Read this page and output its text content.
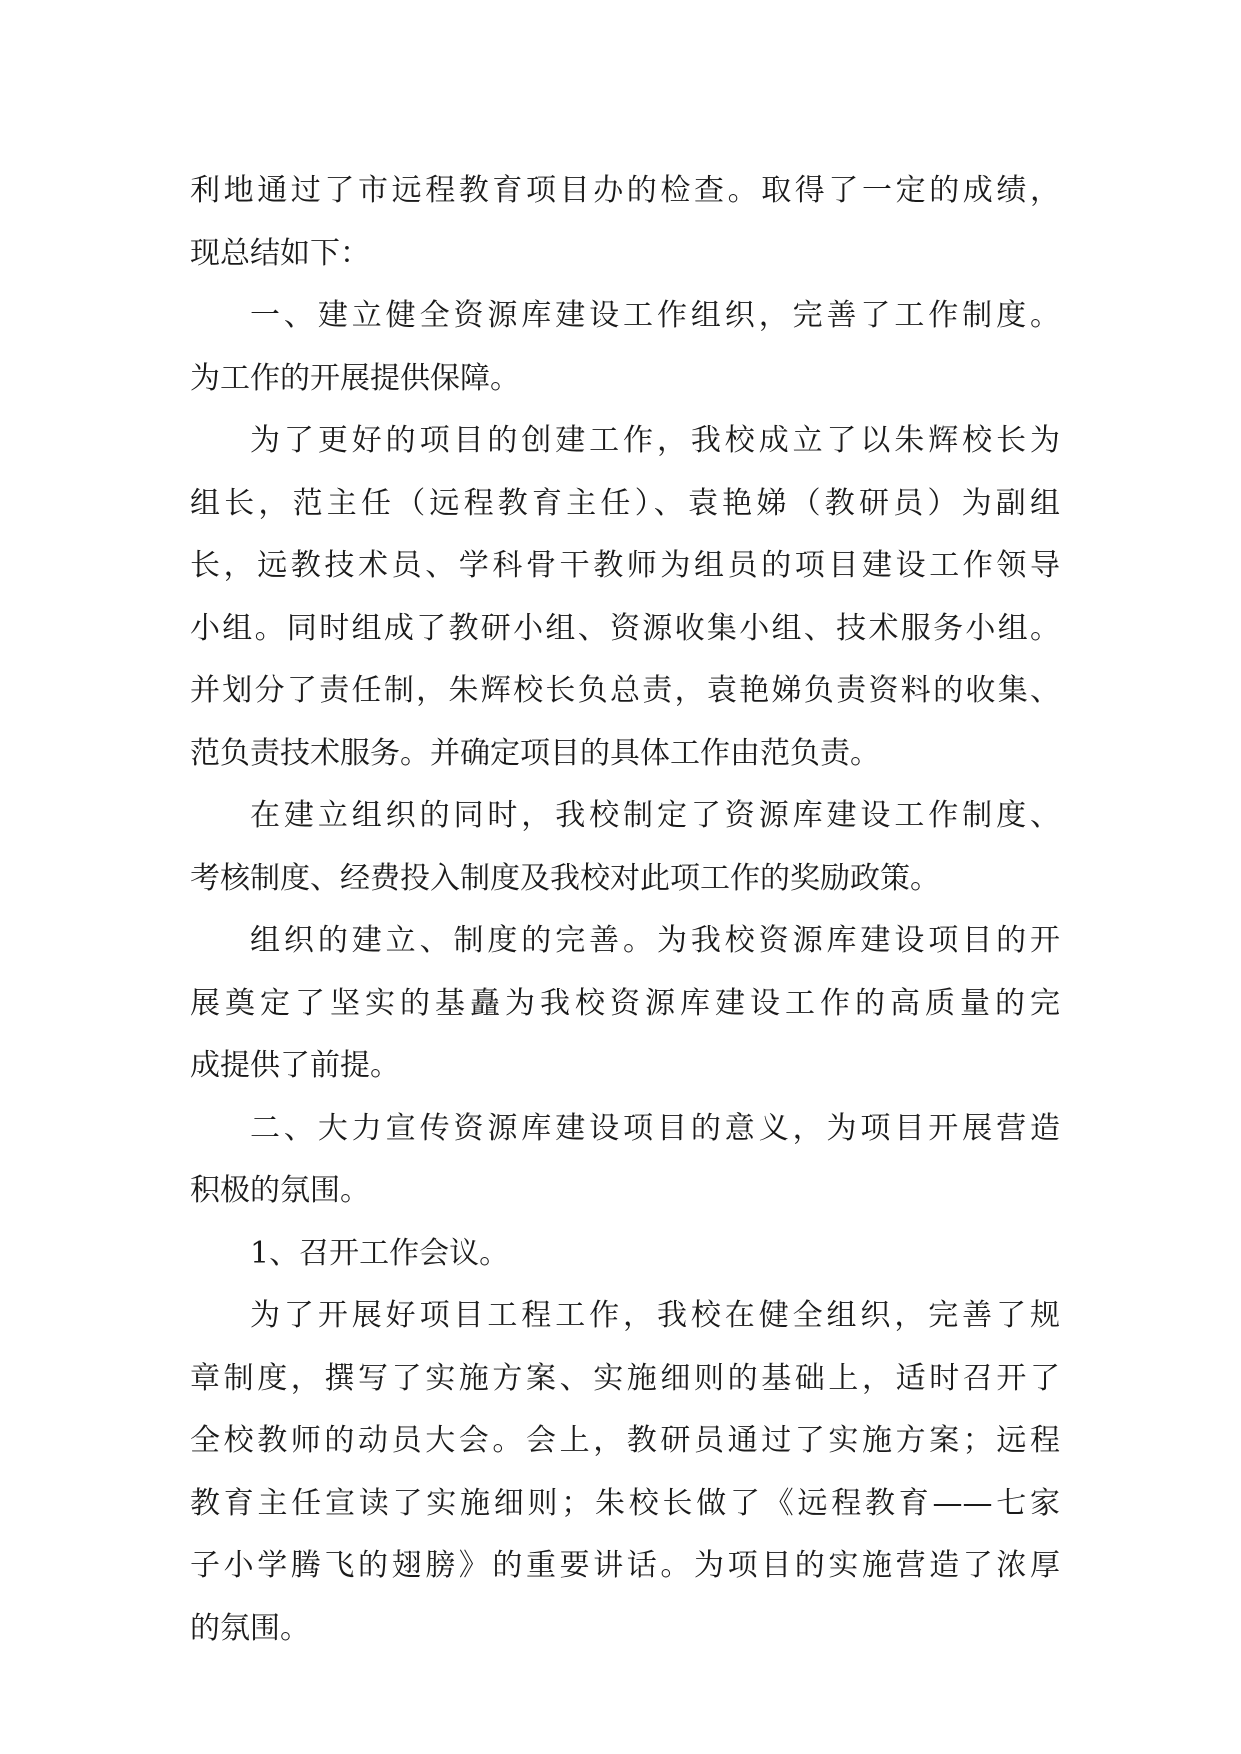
利地通过了市远程教育项目办的检查。取得了一定的成绩，
现总结如下：
一、建立健全资源库建设工作组织，完善了工作制度。
为工作的开展提供保障。
为了更好的项目的创建工作，我校成立了以朱辉校长为
组长，范主任（远程教育主任）、袁艳娣（教研员）为副组
长，远教技术员、学科骨干教师为组员的项目建设工作领导
小组。同时组成了教研小组、资源收集小组、技术服务小组。
并划分了责任制，朱辉校长负总责，袁艳娣负责资料的收集、
范负责技术服务。并确定项目的具体工作由范负责。
在建立组织的同时，我校制定了资源库建设工作制度、
考核制度、经费投入制度及我校对此项工作的奖励政策。
组织的建立、制度的完善。为我校资源库建设项目的开
展奠定了坚实的基矗为我校资源库建设工作的高质量的完
成提供了前提。
二、大力宣传资源库建设项目的意义，为项目开展营造
积极的氛围。
1、召开工作会议。
为了开展好项目工程工作，我校在健全组织，完善了规
章制度，撰写了实施方案、实施细则的基础上，适时召开了
全校教师的动员大会。会上，教研员通过了实施方案；远程
教育主任宣读了实施细则；朱校长做了《远程教育——七家
子小学腾飞的翅膀》的重要讲话。为项目的实施营造了浓厚
的氛围。
